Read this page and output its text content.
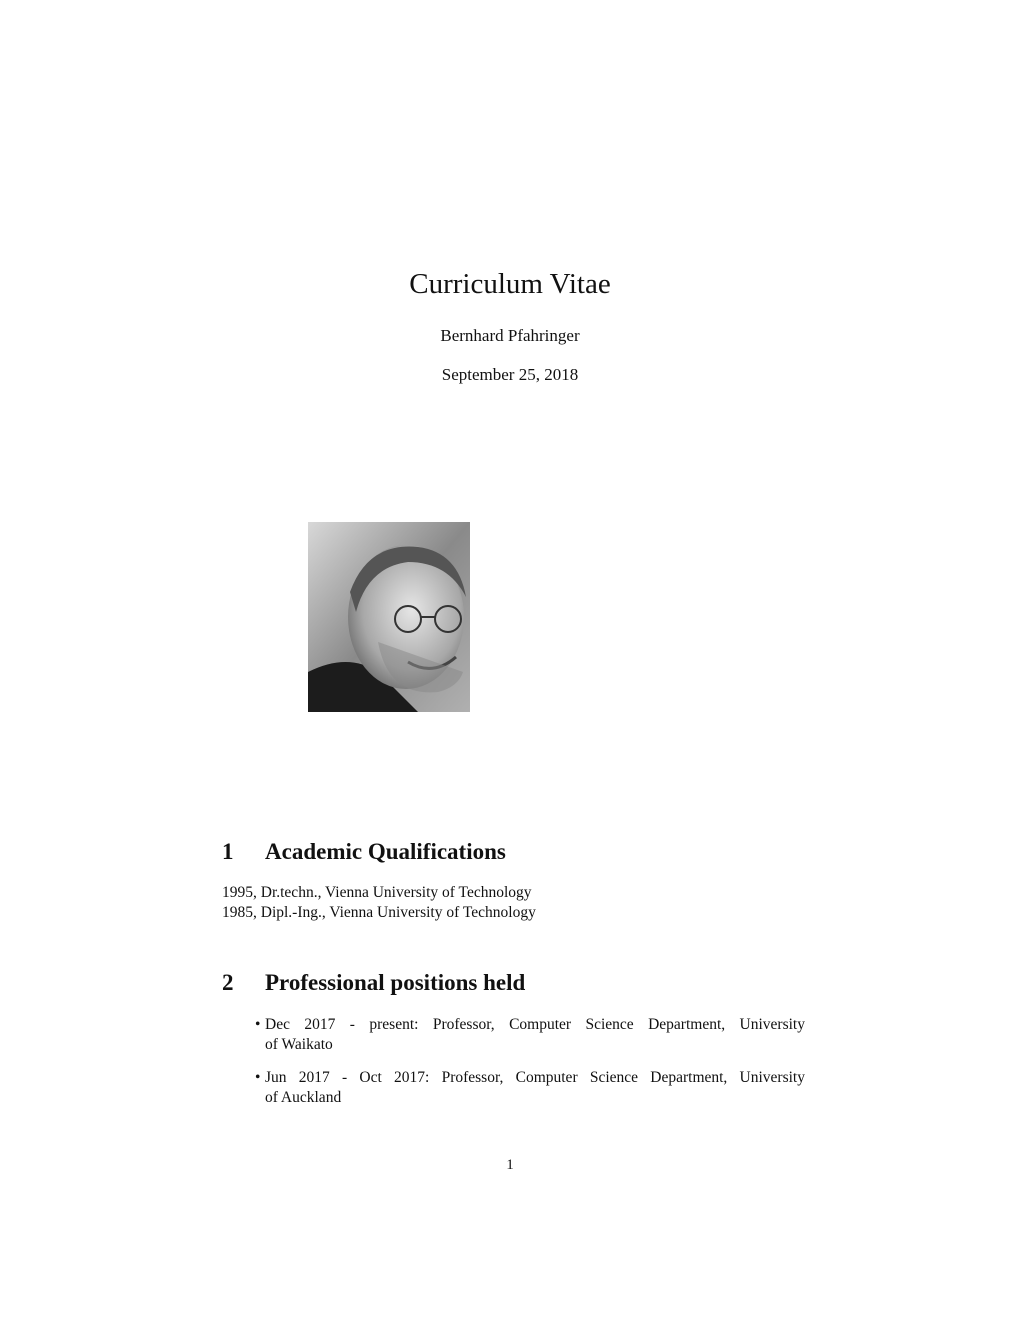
Curriculum Vitae
Bernhard Pfahringer
September 25, 2018
1 Academic Qualifications
1995, Dr.techn., Vienna University of Technology
1985, Dipl.-Ing., Vienna University of Technology
2 Professional positions held
• Dec 2017 - present: Professor, Computer Science Department, University
of Waikato
• Jun 2017 - Oct 2017: Professor, Computer Science Department, University
of Auckland
1
